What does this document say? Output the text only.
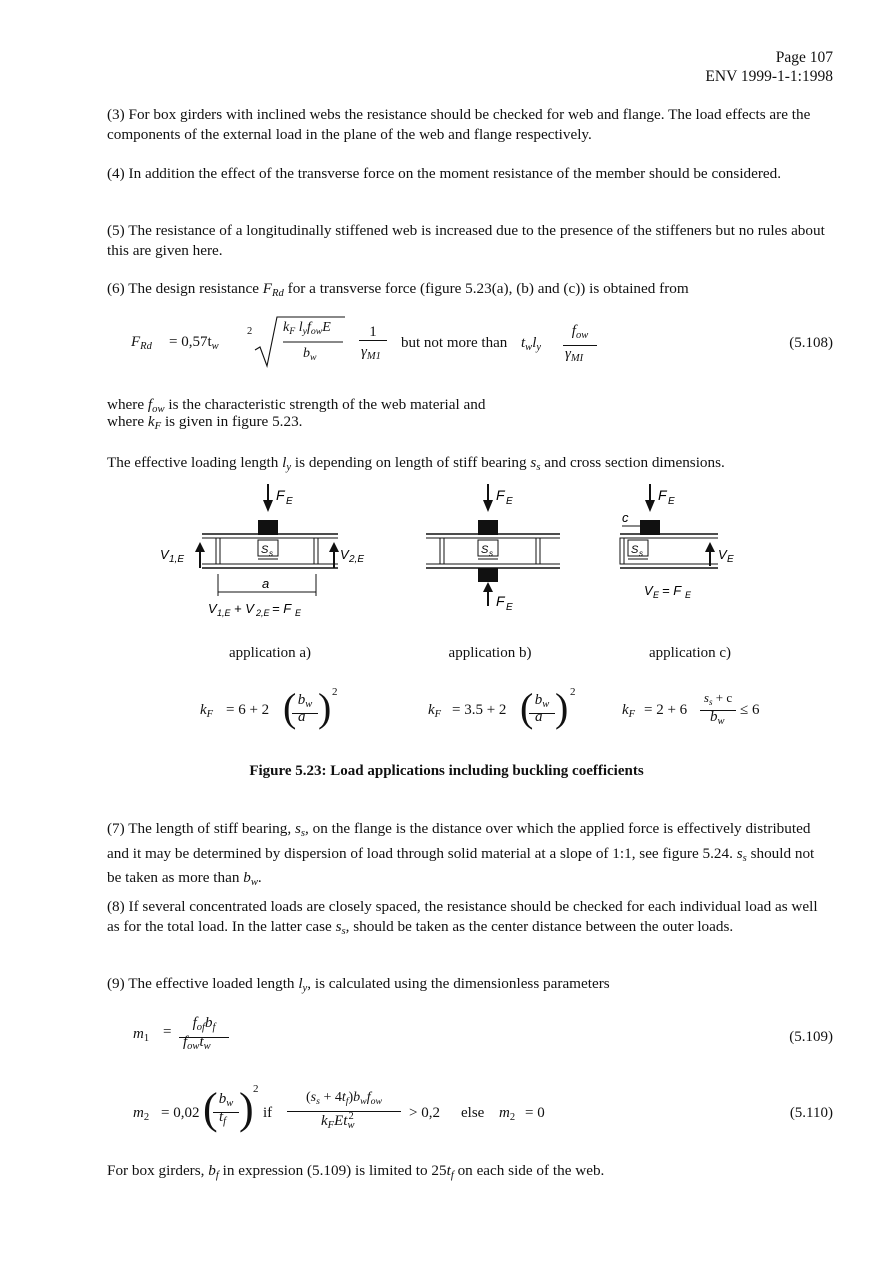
Page 107
ENV 1999-1-1:1998
(3) For box girders with inclined webs the resistance should be checked for web and flange. The load effects are the components of the external load in the plane of the web and flange respectively.
(4) In addition the effect of the transverse force on the moment resistance of the member should be considered.
(5) The resistance of a longitudinally stiffened web is increased due to the presence of the stiffeners but no rules about this are given here.
(6) The design resistance $F_{Rd}$ for a transverse force (figure 5.23(a), (b) and (c)) is obtained from
$F_{Rd} = 0,57t_w$
2 $k_F$ $l_yf_{ow}E$
$b_w$
1
$\gamma_{M1}$
but not more than $t_wl_y$
$f_{ow}$
$\gamma_{MI}$
(5.108)
where $f_{ow}$ is the characteristic strength of the web material and
where $k_F$ is given in figure 5.23.
The effective loading length $l_y$ is depending on length of stiff bearing $s_s$ and cross section dimensions.
F E
S s
V 1,E	V 2,E
a
V 1,E + V 2,E = F E
F E
S s
F E
F E
c
S s	V E
V E = F E
application a)	application b)	application c)
$k_F = 6 + 2$ ( $b_w$
a ) 2
$k_F = 3.5 + 2$ ( $b_w$
a ) 2
$k_F = 2 + 6$
$s_s + c$
$b_w$
≤ 6
Figure 5.23: Load applications including buckling coefficients
(7) The length of stiff bearing, $s_s$, on the flange is the distance over which the applied force is effectively distributed and it may be determined by dispersion of load through solid material at a slope of 1:1, see figure 5.24. $s_s$ should not be taken as more than $b_w$.
(8) If several concentrated loads are closely spaced, the resistance should be checked for each individual load as well as for the total load. In the latter case $s_s$, should be taken as the center distance between the outer loads.
(9) The effective loaded length $l_y$, is calculated using the dimensionless parameters
$m_1$ =
$f_{of}b_f$
$f_{ow}t_w$
(5.109)
$m_2 = 0,02$ ( $b_w$
$t_f$ ) 2
if
$(s_s + 4t_f)b_wf_{ow}$
$k_FEt_w^2$	> 0,2 else $m_2 = 0$	(5.110)
For box girders, $b_f$ in expression (5.109) is limited to $25t_f$ on each side of the web.
